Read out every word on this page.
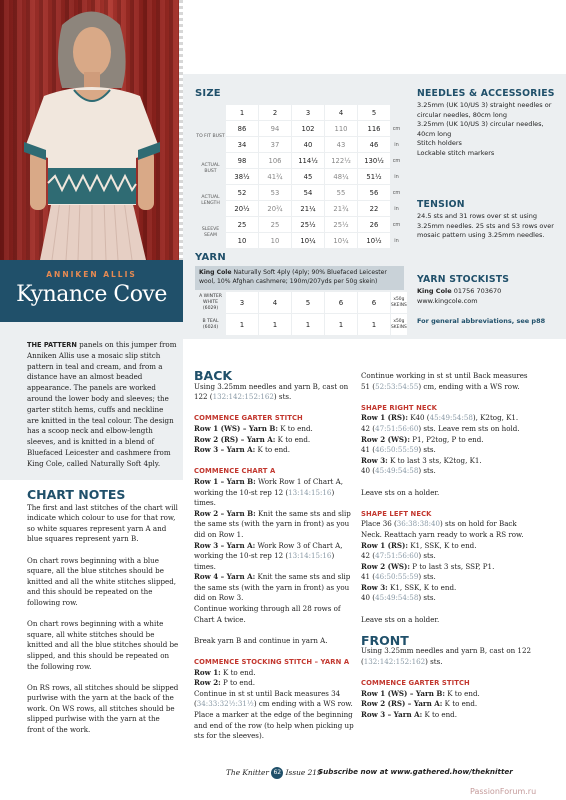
ANNIKEN ALLIS
Kynance Cove

THE PATTERN panels on this jumper from Anniken Allis use a mosaic slip stitch pattern in teal and cream, and from a distance have an almost beaded appearance. The panels are worked around the lower body and sleeves; the garter stitch hems, cuffs and neckline are knitted in the teal colour. The design has a scoop neck and elbow-length sleeves, and is knitted in a blend of Bluefaced Leicester and cashmere from King Cole, called Naturally Soft 4ply.

SIZE
	1	2	3	4	5	
TO FIT BUST	86	94	102	110	116	cm
	34	37	40	43	46	in
ACTUAL BUST	98	106	114½	122½	130½	cm
	38½	41¾	45	48¼	51½	in
ACTUAL LENGTH	52	53	54	55	56	cm
	20½	20¾	21¼	21¾	22	in
SLEEVE SEAM	25	25	25½	25½	26	cm
	10	10	10¼	10¼	10½	in
YARN
King Cole Naturally Soft 4ply (4ply; 90% Bluefaced Leicester wool, 10% Afghan cashmere; 190m/207yds per 50g skein)
A WINTER WHITE (6029)	3	4	5	6	6	x50g SKEINS
B TEAL (6024)	1	1	1	1	1	x50g SKEINS
NEEDLES & ACCESSORIES
3.25mm (UK 10/US 3) straight needles or circular needles, 80cm long
3.25mm (UK 10/US 3) circular needles, 40cm long
Stitch holders
Lockable stitch markers
TENSION
24.5 sts and 31 rows over st st using 3.25mm needles. 25 sts and 53 rows over mosaic pattern using 3.25mm needles.
YARN STOCKISTS
King Cole 01756 703670
www.kingcole.com
For general abbreviations, see p88
CHART NOTES

The first and last stitches of the chart will indicate which colour to use for that row, so white squares represent yarn A and blue squares represent yarn B.

On chart rows beginning with a blue square, all the blue stitches should be knitted and all the white stitches slipped, and this should be repeated on the following row.

On chart rows beginning with a white square, all white stitches should be knitted and all the blue stitches should be slipped, and this should be repeated on the following row.

On RS rows, all stitches should be slipped purlwise with the yarn at the back of the work. On WS rows, all stitches should be slipped purlwise with the yarn at the front of the work.

BACK

Using 3.25mm needles and yarn B, cast on 122 (132:142:152:162) sts.

COMMENCE GARTER STITCH

Row 1 (WS) – Yarn B: K to end.

Row 2 (RS) – Yarn A: K to end.

Row 3 – Yarn A: K to end.

COMMENCE CHART A

Row 1 – Yarn B: Work Row 1 of Chart A, working the 10-st rep 12 (13:14:15:16) times.

Row 2 – Yarn B: Knit the same sts and slip the same sts (with the yarn in front) as you did on Row 1.

Row 3 – Yarn A: Work Row 3 of Chart A, working the 10-st rep 12 (13:14:15:16) times.

Row 4 – Yarn A: Knit the same sts and slip the same sts (with the yarn in front) as you did on Row 3.

Continue working through all 28 rows of Chart A twice.

Break yarn B and continue in yarn A.

COMMENCE STOCKING STITCH – YARN A

Row 1: K to end.

Row 2: P to end.

Continue in st st until Back measures 34 (34:33:32½:31½) cm ending with a WS row.

Place a marker at the edge of the beginning and end of the row (to help when picking up sts for the sleeves).

Continue working in st st until Back measures 51 (52:53:54:55) cm, ending with a WS row.

SHAPE RIGHT NECK

Row 1 (RS): K40 (45:49:54:58), K2tog, K1.

42 (47:51:56:60) sts. Leave rem sts on hold.

Row 2 (WS): P1, P2tog, P to end.

41 (46:50:55:59) sts.

Row 3: K to last 3 sts, K2tog, K1.

40 (45:49:54:58) sts.

Leave sts on a holder.

SHAPE LEFT NECK

Place 36 (36:38:38:40) sts on hold for Back Neck. Reattach yarn ready to work a RS row.

Row 1 (RS): K1, SSK, K to end.

42 (47:51:56:60) sts.

Row 2 (WS): P to last 3 sts, SSP, P1.

41 (46:50:55:59) sts.

Row 3: K1, SSK, K to end.

40 (45:49:54:58) sts.

Leave sts on a holder.

FRONT

Using 3.25mm needles and yarn B, cast on 122 (132:142:152:162) sts.

COMMENCE GARTER STITCH

Row 1 (WS) – Yarn B: K to end.

Row 2 (RS) – Yarn A: K to end.

Row 3 – Yarn A: K to end.

The Knitter 62 Issue 219
Subscribe now at www.gathered.how/theknitter
PassionForum.ru
